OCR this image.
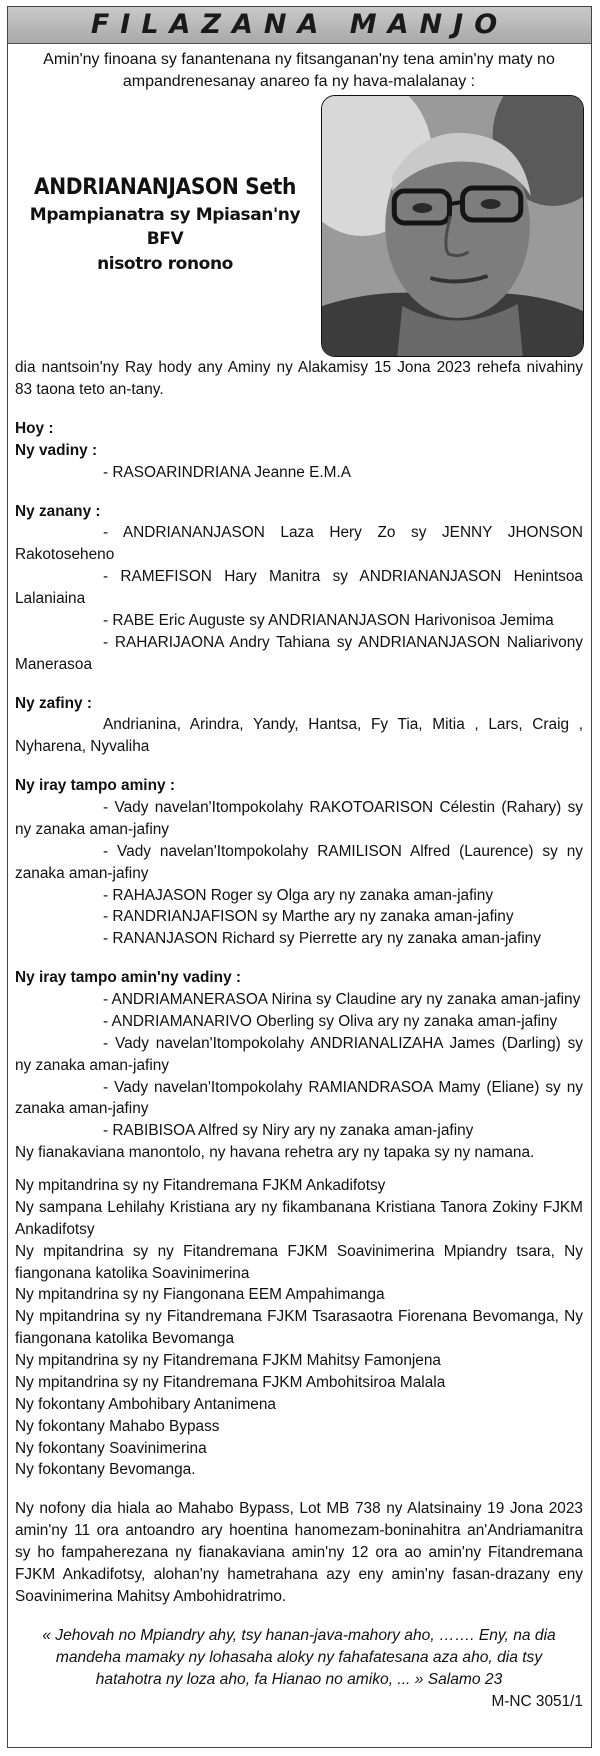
FILAZANA MANJO

Amin'ny finoana sy fanantenana ny fitsanganan'ny tena amin'ny maty no ampandrenesanay anareo fa ny hava-malalanay :

ANDRIANANJASON Seth
Mpampianatra sy Mpiasan'ny BFV
nisotro ronono

dia nantsoin'ny Ray hody any Aminy ny Alakamisy 15 Jona 2023 rehefa nivahiny 83 taona teto an-tany.

Hoy :

Ny vadiny :

- RASOARINDRIANA Jeanne E.M.A

Ny zanany :

- ANDRIANANJASON Laza Hery Zo sy JENNY JHONSON Rakotoseheno

- RAMEFISON Hary Manitra sy ANDRIANANJASON Henintsoa Lalaniaina

- RABE Eric Auguste sy ANDRIANANJASON Harivonisoa Jemima

- RAHARIJAONA Andry Tahiana sy ANDRIANANJASON Naliarivony Manerasoa

Ny zafiny :

Andrianina, Arindra, Yandy, Hantsa, Fy Tia, Mitia , Lars, Craig , Nyharena, Nyvaliha

Ny iray tampo aminy :

- Vady navelan'Itompokolahy RAKOTOARISON Célestin (Rahary) sy ny zanaka aman-jafiny

- Vady navelan'Itompokolahy RAMILISON Alfred (Laurence) sy ny zanaka aman-jafiny

- RAHAJASON Roger sy Olga ary ny zanaka aman-jafiny

- RANDRIANJAFISON sy Marthe ary ny zanaka aman-jafiny

- RANANJASON Richard sy Pierrette ary ny zanaka aman-jafiny

Ny iray tampo amin'ny vadiny :

- ANDRIAMANERASOA Nirina sy Claudine ary ny zanaka aman-jafiny

- ANDRIAMANARIVO Oberling sy Oliva ary ny zanaka aman-jafiny

- Vady navelan'Itompokolahy ANDRIANALIZAHA James (Darling) sy ny zanaka aman-jafiny

- Vady navelan'Itompokolahy RAMIANDRASOA Mamy (Eliane) sy ny zanaka aman-jafiny

- RABIBISOA Alfred sy Niry ary ny zanaka aman-jafiny

Ny fianakaviana manontolo, ny havana rehetra ary ny tapaka sy ny namana.

Ny mpitandrina sy ny Fitandremana FJKM Ankadifotsy

Ny sampana Lehilahy Kristiana ary ny fikambanana Kristiana Tanora Zokiny FJKM Ankadifotsy

Ny mpitandrina sy ny Fitandremana FJKM Soavinimerina Mpiandry tsara, Ny fiangonana katolika Soavinimerina

Ny mpitandrina sy ny Fiangonana EEM Ampahimanga

Ny mpitandrina sy ny Fitandremana FJKM Tsarasaotra Fiorenana Bevomanga, Ny fiangonana katolika Bevomanga

Ny mpitandrina sy ny Fitandremana FJKM Mahitsy Famonjena

Ny mpitandrina sy ny Fitandremana FJKM Ambohitsiroa Malala

Ny fokontany Ambohibary Antanimena

Ny fokontany Mahabo Bypass

Ny fokontany Soavinimerina

Ny fokontany Bevomanga.

Ny nofony dia hiala ao Mahabo Bypass, Lot MB 738 ny Alatsinainy 19 Jona 2023 amin'ny 11 ora antoandro ary hoentina hanomezam-boninahitra an'Andriamanitra sy ho fampaherezana ny fianakaviana amin'ny 12 ora ao amin'ny Fitandremana FJKM Ankadifotsy, alohan'ny hametrahana azy eny amin'ny fasan-drazany eny Soavinimerina Mahitsy Ambohidratrimo.

« Jehovah no Mpiandry ahy, tsy hanan-java-mahory aho, ……. Eny, na dia mandeha mamaky ny lohasaha aloky ny fahafatesana aza aho, dia tsy hatahotra ny loza aho, fa Hianao no amiko, ... » Salamo 23

M-NC 3051/1
